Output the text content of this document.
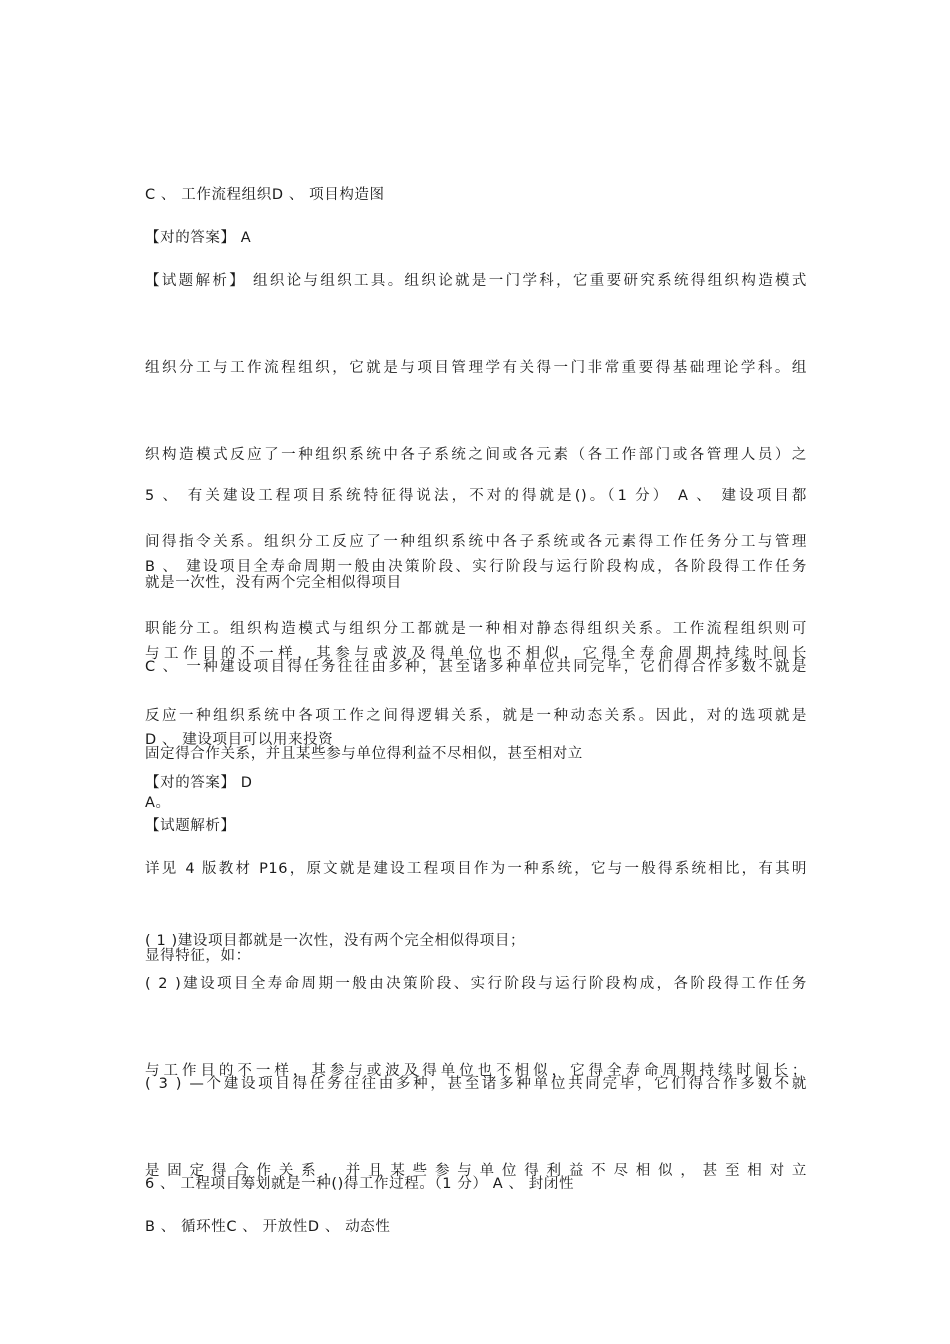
C 、 工作流程组织D 、 项目构造图

【对的答案】 A

【试题解析】 组织论与组织工具。组织论就是一门学科，它重要研究系统得组织构造模式

组织分工与工作流程组织，它就是与项目管理学有关得一门非常重要得基础理论学科。组

织构造模式反应了一种组织系统中各子系统之间或各元素（各工作部门或各管理人员）之

间得指令关系。组织分工反应了一种组织系统中各子系统或各元素得工作任务分工与管理

职能分工。组织构造模式与组织分工都就是一种相对静态得组织关系。工作流程组织则可

反应一种组织系统中各项工作之间得逻辑关系，就是一种动态关系。因此，对的选项就是

A。

5 、 有关建设工程项目系统特征得说法，不对的得就是()。（1 分） A 、 建设项目都

就是一次性，没有两个完全相似得项目

B 、 建设项目全寿命周期一般由决策阶段、实行阶段与运行阶段构成，各阶段得工作任务

与工作目的不一样，其参与或波及得单位也不相似，它得全寿命周期持续时间长

C 、 一种建设项目得任务往往由多种，甚至诸多种单位共同完毕，它们得合作多数不就是

固定得合作关系，并且某些参与单位得利益不尽相似，甚至相对立

D 、 建设项目可以用来投资

【对的答案】 D

【试题解析】

详见 4 版教材 P16，原文就是建设工程项目作为一种系统，它与一般得系统相比，有其明

显得特征，如：

( 1 )建设项目都就是一次性，没有两个完全相似得项目；

( 2 )建设项目全寿命周期一般由决策阶段、实行阶段与运行阶段构成，各阶段得工作任务

与工作目的不一样，其参与或波及得单位也不相似，它得全寿命周期持续时间长；

( 3 ) —个建设项目得任务往往由多种，甚至诸多种单位共同完毕，它们得合作多数不就

是固定得合作关系，并且某些参与单位得利益不尽相似，甚至相对立

6 、 工程项目筹划就是一种()得工作过程。（1 分） A 、 封闭性

B 、 循环性C 、 开放性D 、 动态性
